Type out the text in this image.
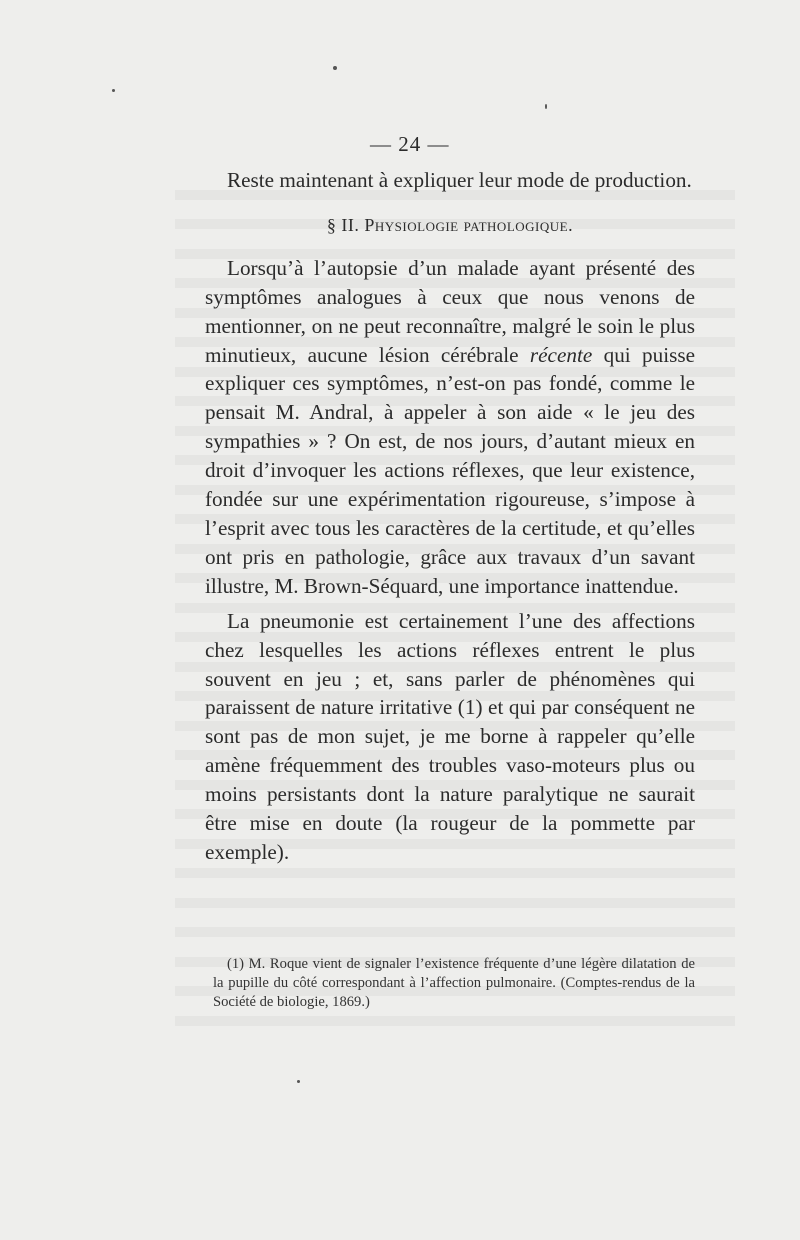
— 24 —

Reste maintenant à expliquer leur mode de production.

§ II. Physiologie pathologique.

Lorsqu’à l’autopsie d’un malade ayant présenté des symptômes analogues à ceux que nous venons de mentionner, on ne peut reconnaître, malgré le soin le plus minutieux, aucune lésion cérébrale récente qui puisse expliquer ces symptômes, n’est-on pas fondé, comme le pensait M. Andral, à appeler à son aide « le jeu des sympathies » ? On est, de nos jours, d’autant mieux en droit d’invoquer les actions réflexes, que leur existence, fondée sur une expérimentation rigoureuse, s’impose à l’esprit avec tous les caractères de la certitude, et qu’elles ont pris en pathologie, grâce aux travaux d’un savant illustre, M. Brown-Séquard, une importance inattendue.

La pneumonie est certainement l’une des affections chez lesquelles les actions réflexes entrent le plus souvent en jeu ; et, sans parler de phénomènes qui paraissent de nature irritative (1) et qui par conséquent ne sont pas de mon sujet, je me borne à rappeler qu’elle amène fréquemment des troubles vaso-moteurs plus ou moins persistants dont la nature paralytique ne saurait être mise en doute (la rougeur de la pommette par exemple).

(1) M. Roque vient de signaler l’existence fréquente d’une légère dilatation de la pupille du côté correspondant à l’affection pulmonaire. (Comptes-rendus de la Société de biologie, 1869.)
